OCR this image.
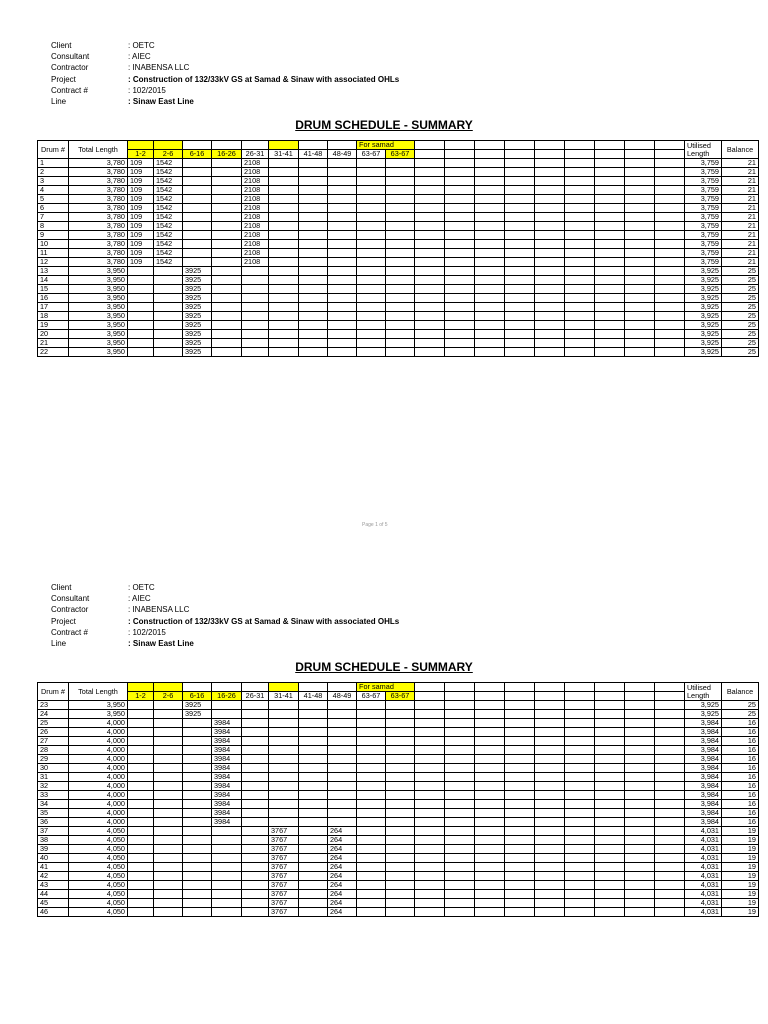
Client	: OETC
Consultant	: AIEC
Contractor	: INABENSA LLC
Project	: Construction of 132/33kV GS at Samad & Sinaw with associated OHLs
Contract #	: 102/2015
Line	: Sinaw East Line
DRUM SCHEDULE - SUMMARY
Drum #	Total Length									For samad											Utilised Length	Balance
		1-2	2-6	6-16	16-26	26-31	31-41	41-48	48-49	63-67	63-67											
1	3,780	109	1542			2108															3,759	21
2	3,780	109	1542			2108															3,759	21
3	3,780	109	1542			2108															3,759	21
4	3,780	109	1542			2108															3,759	21
5	3,780	109	1542			2108															3,759	21
6	3,780	109	1542			2108															3,759	21
7	3,780	109	1542			2108															3,759	21
8	3,780	109	1542			2108															3,759	21
9	3,780	109	1542			2108															3,759	21
10	3,780	109	1542			2108															3,759	21
11	3,780	109	1542			2108															3,759	21
12	3,780	109	1542			2108															3,759	21
13	3,950			3925																	3,925	25
14	3,950			3925																	3,925	25
15	3,950			3925																	3,925	25
16	3,950			3925																	3,925	25
17	3,950			3925																	3,925	25
18	3,950			3925																	3,925	25
19	3,950			3925																	3,925	25
20	3,950			3925																	3,925	25
21	3,950			3925																	3,925	25
22	3,950			3925																	3,925	25
Page 1 of 5
Client	: OETC
Consultant	: AIEC
Contractor	: INABENSA LLC
Project	: Construction of 132/33kV GS at Samad & Sinaw with associated OHLs
Contract #	: 102/2015
Line	: Sinaw East Line
DRUM SCHEDULE - SUMMARY
Drum #	Total Length									For samad											Utilised Length	Balance
		1-2	2-6	6-16	16-26	26-31	31-41	41-48	48-49	63-67	63-67											
23	3,950			3925																	3,925	25
24	3,950			3925																	3,925	25
25	4,000				3984																3,984	16
26	4,000				3984																3,984	16
27	4,000				3984																3,984	16
28	4,000				3984																3,984	16
29	4,000				3984																3,984	16
30	4,000				3984																3,984	16
31	4,000				3984																3,984	16
32	4,000				3984																3,984	16
33	4,000				3984																3,984	16
34	4,000				3984																3,984	16
35	4,000				3984																3,984	16
36	4,000				3984																3,984	16
37	4,050						3767		264												4,031	19
38	4,050						3767		264												4,031	19
39	4,050						3767		264												4,031	19
40	4,050						3767		264												4,031	19
41	4,050						3767		264												4,031	19
42	4,050						3767		264												4,031	19
43	4,050						3767		264												4,031	19
44	4,050						3767		264												4,031	19
45	4,050						3767		264												4,031	19
46	4,050						3767		264												4,031	19
